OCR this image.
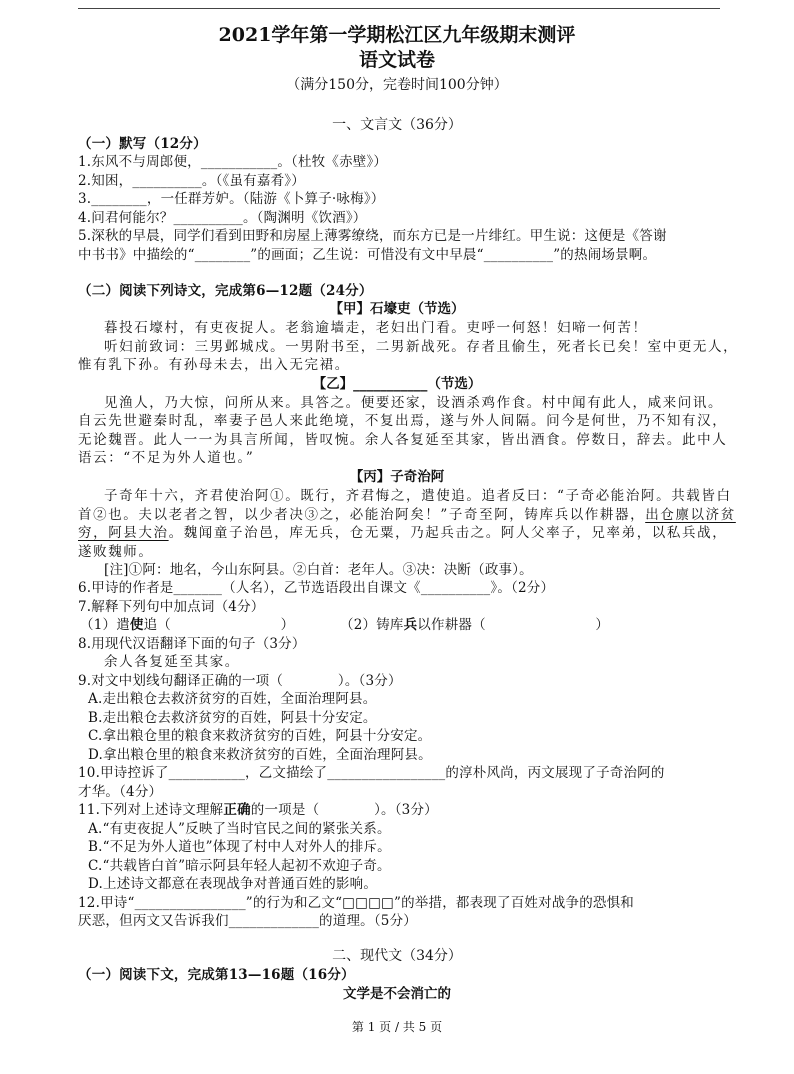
2021学年第一学期松江区九年级期末测评
语文试卷
（满分150分，完卷时间100分钟）
一、文言文（36分）
（一）默写（12分）
1.东风不与周郎便，___________。（杜牧《赤壁》）
2.知困，__________。（《虽有嘉肴》）
3.________，一任群芳妒。（陆游《卜算子·咏梅》）
4.问君何能尔？__________。（陶渊明《饮酒》）
5.深秋的早晨，同学们看到田野和房屋上薄雾缭绕，而东方已是一片绯红。甲生说：这便是《答谢
中书书》中描绘的“________”的画面；乙生说：可惜没有文中早晨“__________”的热闹场景啊。
（二）阅读下列诗文，完成第6—12题（24分）
【甲】石壕吏（节选）
暮投石壕村，有吏夜捉人。老翁逾墙走，老妇出门看。吏呼一何怒！妇啼一何苦！
听妇前致词：三男邺城戍。一男附书至，二男新战死。存者且偷生，死者长已矣！室中更无人，
惟有乳下孙。有孙母未去，出入无完裙。
【乙】___________（节选）
见渔人，乃大惊，问所从来。具答之。便要还家，设酒杀鸡作食。村中闻有此人，咸来问讯。
自云先世避秦时乱，率妻子邑人来此绝境，不复出焉，遂与外人间隔。问今是何世，乃不知有汉，
无论魏晋。此人一一为具言所闻，皆叹惋。余人各复延至其家，皆出酒食。停数日，辞去。此中人
语云：“不足为外人道也。”
【丙】子奇治阿
子奇年十六，齐君使治阿①。既行，齐君悔之，遣使追。追者反曰：“子奇必能治阿。共载皆白
首②也。夫以老者之智，以少者决③之，必能治阿矣！”子奇至阿，铸库兵以作耕器，出仓廪以济贫
穷，阿县大治。魏闻童子治邑，库无兵，仓无粟，乃起兵击之。阿人父率子，兄率弟，以私兵战，
遂败魏师。
[注]①阿：地名，今山东阿县。②白首：老年人。③决：决断（政事）。
6.甲诗的作者是_______（人名），乙节选语段出自课文《__________》。（2分）
7.解释下列句中加点词（4分）
（1）遣使追（　　　　　　　　）	（2）铸库兵以作耕器（　　　　　　　　）
8.用现代汉语翻译下面的句子（3分）
余人各复延至其家。
9.对文中划线句翻译正确的一项（　　　　）。（3分）
A.走出粮仓去救济贫穷的百姓，全面治理阿县。
B.走出粮仓去救济贫穷的百姓，阿县十分安定。
C.拿出粮仓里的粮食来救济贫穷的百姓，阿县十分安定。
D.拿出粮仓里的粮食来救济贫穷的百姓，全面治理阿县。
10.甲诗控诉了___________，乙文描绘了_________________的淳朴风尚，丙文展现了子奇治阿的
才华。（4分）
11.下列对上述诗文理解正确的一项是（　　　　）。（3分）
A.“有吏夜捉人”反映了当时官民之间的紧张关系。
B.“不足为外人道也”体现了村中人对外人的排斥。
C.“共载皆白首”暗示阿县年轻人起初不欢迎子奇。
D.上述诗文都意在表现战争对普通百姓的影响。
12.甲诗“________________”的行为和乙文“□□□□”的举措，都表现了百姓对战争的恐惧和
厌恶，但丙文又告诉我们_____________的道理。（5分）
二、现代文（34分）
（一）阅读下文，完成第13—16题（16分）
文学是不会消亡的
第 1 页 / 共 5 页
